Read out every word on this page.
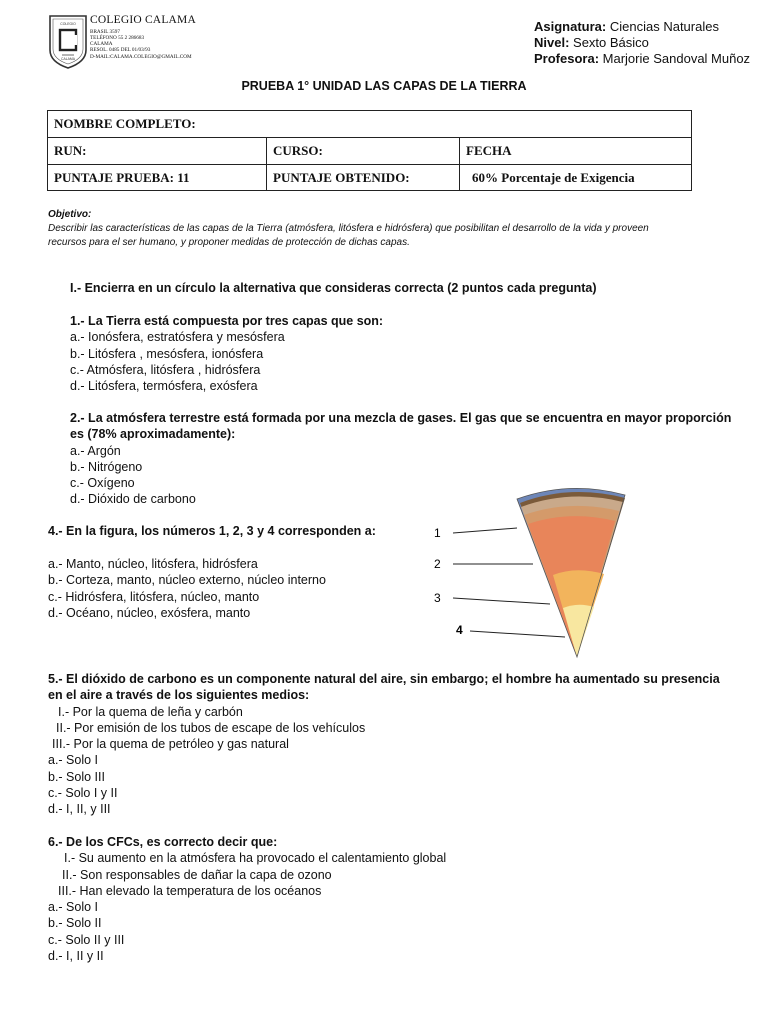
COLEGIO
CALAMA
COLEGIO CALAMA
BRASIL 3597
TELÉFONO 55 2 286683
CALAMA
RESOL. 0485 DEL 01/03/93
D-MAIL:CALAMA.COLEGIO@GMAIL.COM
Asignatura: Ciencias Naturales
Nivel: Sexto Básico
Profesora: Marjorie Sandoval Muñoz
PRUEBA 1° UNIDAD LAS CAPAS DE LA TIERRA
NOMBRE COMPLETO:		
RUN:	CURSO:	FECHA
PUNTAJE PRUEBA: 11	PUNTAJE OBTENIDO:	60% Porcentaje de Exigencia
Objetivo:
Describir las características de las capas de la Tierra (atmósfera, litósfera e hidrósfera) que posibilitan el desarrollo de la vida y proveen
recursos para el ser humano, y proponer medidas de protección de dichas capas.
I.- Encierra en un círculo la alternativa que consideras correcta (2 puntos cada pregunta)
1.- La Tierra está compuesta por tres capas que son:
a.- Ionósfera, estratósfera y mesósfera
b.- Litósfera , mesósfera, ionósfera
c.- Atmósfera, litósfera , hidrósfera
d.- Litósfera, termósfera, exósfera
2.- La atmósfera terrestre está formada por una mezcla de gases. El gas que se encuentra en mayor proporción
es (78% aproximadamente):
a.- Argón
b.- Nitrógeno
c.- Oxígeno
d.- Dióxido de carbono
4.- En la figura, los números 1, 2, 3 y 4 corresponden a:
a.- Manto, núcleo, litósfera, hidrósfera
b.- Corteza, manto, núcleo externo, núcleo interno
c.- Hidrósfera, litósfera, núcleo, manto
d.- Océano, núcleo, exósfera, manto
1
2
3
4
5.- El dióxido de carbono es un componente natural del aire, sin embargo; el hombre ha aumentado su presencia
en el aire a través de los siguientes medios:
I.- Por la quema de leña y carbón
II.- Por emisión de los tubos de escape de los vehículos
III.- Por la quema de petróleo y gas natural
a.- Solo I
b.- Solo III
c.- Solo I y II
d.- I, II, y III
6.- De los CFCs, es correcto decir que:
I.- Su aumento en la atmósfera ha provocado el calentamiento global
II.- Son responsables de dañar la capa de ozono
III.- Han elevado la temperatura de los océanos
a.- Solo I
b.- Solo II
c.- Solo II y III
d.- I, II y II
